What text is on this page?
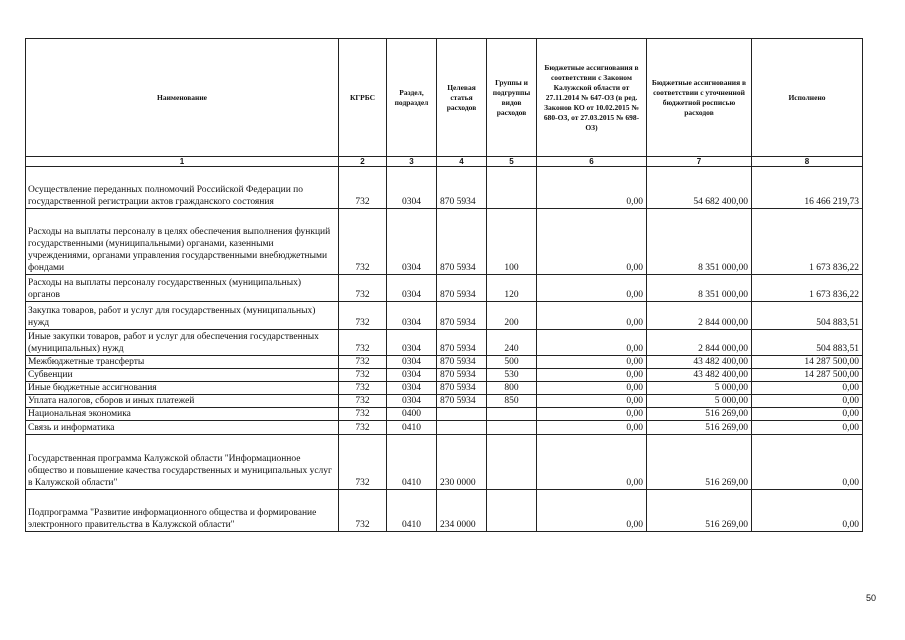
Наименование	КГРБС	Раздел, подраздел	Целевая статья расходов	Группы и подгруппы видов расходов	Бюджетные ассигнования в соответствии с Законом Калужской области от 27.11.2014 № 647-ОЗ (в ред. Законов КО от 10.02.2015 № 680-ОЗ, от 27.03.2015 № 698-ОЗ)	Бюджетные ассигнования в соответствии с уточненной бюджетной росписью расходов	Исполнено
1	2	3	4	5	6	7	8
Осуществление переданных полномочий Российской Федерации по государственной регистрации актов гражданского состояния	732	0304	870 5934		0,00	54 682 400,00	16 466 219,73
Расходы на выплаты персоналу в целях обеспечения выполнения функций государственными (муниципальными) органами, казенными учреждениями, органами управления государственными внебюджетными фондами	732	0304	870 5934	100	0,00	8 351 000,00	1 673 836,22
Расходы на выплаты персоналу государственных (муниципальных) органов	732	0304	870 5934	120	0,00	8 351 000,00	1 673 836,22
Закупка товаров, работ и услуг для государственных (муниципальных) нужд	732	0304	870 5934	200	0,00	2 844 000,00	504 883,51
Иные закупки товаров, работ и услуг для обеспечения государственных (муниципальных) нужд	732	0304	870 5934	240	0,00	2 844 000,00	504 883,51
Межбюджетные трансферты	732	0304	870 5934	500	0,00	43 482 400,00	14 287 500,00
Субвенции	732	0304	870 5934	530	0,00	43 482 400,00	14 287 500,00
Иные бюджетные ассигнования	732	0304	870 5934	800	0,00	5 000,00	0,00
Уплата налогов, сборов и иных платежей	732	0304	870 5934	850	0,00	5 000,00	0,00
Национальная экономика	732	0400			0,00	516 269,00	0,00
Связь и информатика	732	0410			0,00	516 269,00	0,00
Государственная программа Калужской области "Информационное общество и повышение качества государственных и муниципальных услуг в Калужской области"	732	0410	230 0000		0,00	516 269,00	0,00
Подпрограмма "Развитие информационного общества и формирование электронного правительства в Калужской области"	732	0410	234 0000		0,00	516 269,00	0,00
50
